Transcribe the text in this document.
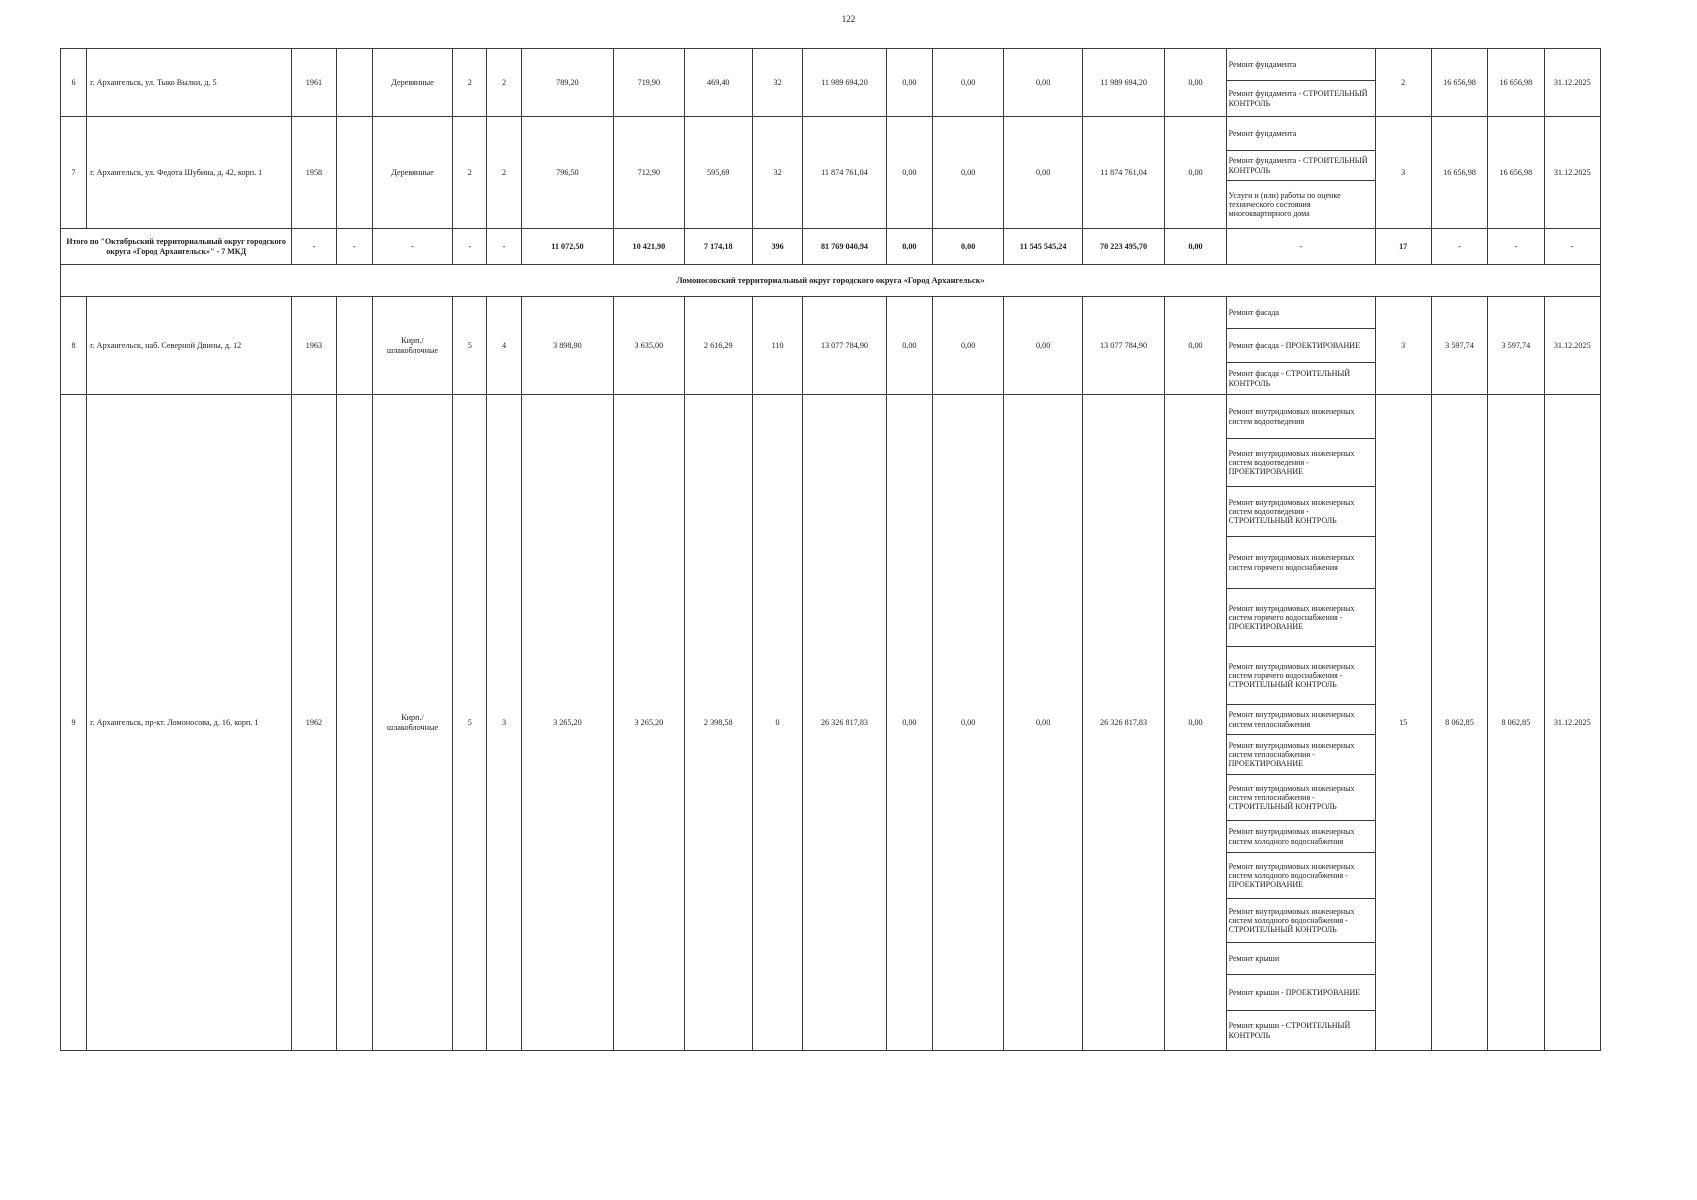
122
6	г. Архангельск, ул. Тыко Вылки, д. 5	1961		Деревянные	2	2	789,20	719,90	469,40	32	11 989 694,20	0,00	0,00	0,00	11 989 694,20	0,00	Ремонт фундамента	2	16 656,98	16 656,98	31.12.2025
																	Ремонт фундамента - СТРОИТЕЛЬНЫЙ КОНТРОЛЬ				
7	г. Архангельск, ул. Федота Шубина, д. 42, корп. 1	1958		Деревянные	2	2	796,50	712,90	595,69	32	11 874 761,04	0,00	0,00	0,00	11 874 761,04	0,00	Ремонт фундамента	3	16 656,98	16 656,98	31.12.2025
																	Ремонт фундамента - СТРОИТЕЛЬНЫЙ КОНТРОЛЬ				
																	Услуги и (или) работы по оценке технического состояния многоквартирного дома				
Итого по "Октябрьский территориальный округ городского округа «Город Архангельск»" - 7 МКД		-	-	-	-	-	11 072,50	10 421,90	7 174,18	396	81 769 040,94	0,00	0,00	11 545 545,24	70 223 495,70	0,00	-	17	-	-	-
Ломоносовский территориальный округ городского округа «Город Архангельск»																					
8	г. Архангельск, наб. Северной Двины, д. 12	1963		Кирп./ шлакоблочные	5	4	3 898,90	3 635,00	2 616,29	110	13 077 784,90	0,00	0,00	0,00	13 077 784,90	0,00	Ремонт фасада	3	3 597,74	3 597,74	31.12.2025
																	Ремонт фасада - ПРОЕКТИРОВАНИЕ				
																	Ремонт фасада - СТРОИТЕЛЬНЫЙ КОНТРОЛЬ				
9	г. Архангельск, пр-кт. Ломоносова, д. 16, корп. 1	1962		Кирп./ шлакоблочные	5	3	3 265,20	3 265,20	2 398,58	0	26 326 817,83	0,00	0,00	0,00	26 326 817,83	0,00	Ремонт внутридомовых инженерных систем водоотведения	15	8 062,85	8 062,85	31.12.2025
																	Ремонт внутридомовых инженерных систем водоотведения - ПРОЕКТИРОВАНИЕ				
																	Ремонт внутридомовых инженерных систем водоотведения - СТРОИТЕЛЬНЫЙ КОНТРОЛЬ				
																	Ремонт внутридомовых инженерных систем горячего водоснабжения				
																	Ремонт внутридомовых инженерных систем горячего водоснабжения - ПРОЕКТИРОВАНИЕ				
																	Ремонт внутридомовых инженерных систем горячего водоснабжения - СТРОИТЕЛЬНЫЙ КОНТРОЛЬ				
																	Ремонт внутридомовых инженерных систем теплоснабжения				
																	Ремонт внутридомовых инженерных систем теплоснабжения - ПРОЕКТИРОВАНИЕ				
																	Ремонт внутридомовых инженерных систем теплоснабжения - СТРОИТЕЛЬНЫЙ КОНТРОЛЬ				
																	Ремонт внутридомовых инженерных систем холодного водоснабжения				
																	Ремонт внутридомовых инженерных систем холодного водоснабжения - ПРОЕКТИРОВАНИЕ				
																	Ремонт внутридомовых инженерных систем холодного водоснабжения - СТРОИТЕЛЬНЫЙ КОНТРОЛЬ				
																	Ремонт крыши				
																	Ремонт крыши - ПРОЕКТИРОВАНИЕ				
																	Ремонт крыши - СТРОИТЕЛЬНЫЙ КОНТРОЛЬ				
